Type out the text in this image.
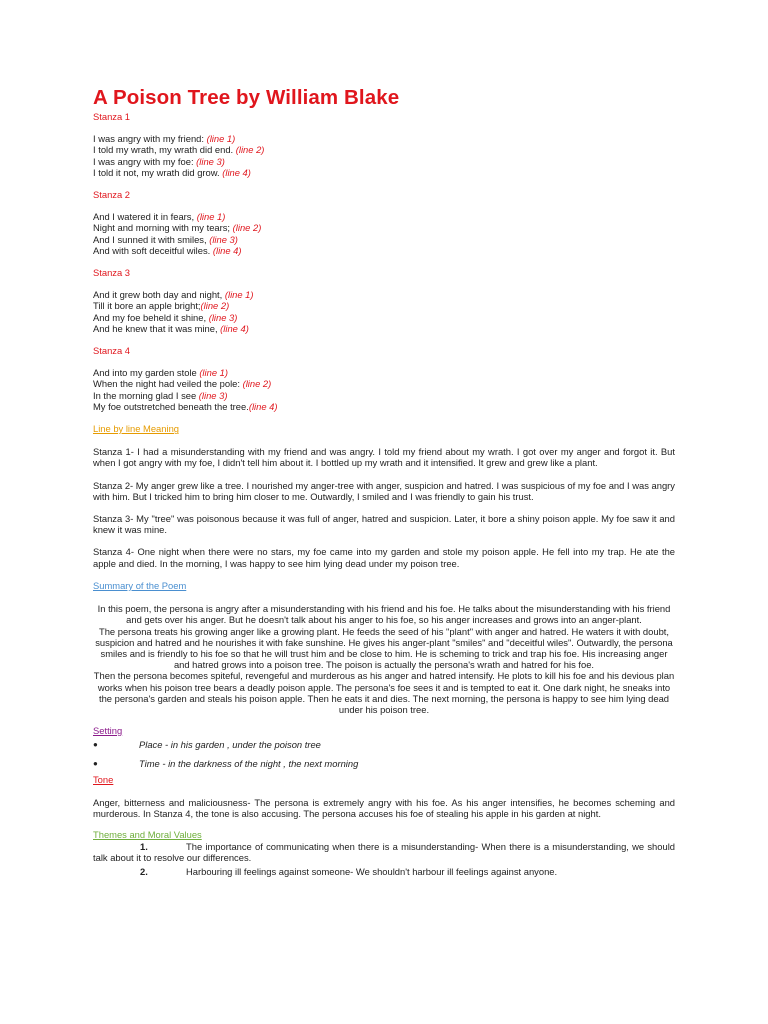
A Poison Tree by William Blake

Stanza 1

I was angry with my friend: (line 1)
I told my wrath, my wrath did end. (line 2)
I was angry with my foe: (line 3)
I told it not, my wrath did grow. (line 4)

Stanza 2

And I watered it in fears, (line 1)
Night and morning with my tears; (line 2)
And I sunned it with smiles, (line 3)
And with soft deceitful wiles. (line 4)

Stanza 3

And it grew both day and night, (line 1)
Till it bore an apple bright;(line 2)
And my foe beheld it shine, (line 3)
And he knew that it was mine, (line 4)

Stanza 4

And into my garden stole (line 1)
When the night had veiled the pole: (line 2)
In the morning glad I see (line 3)
My foe outstretched beneath the tree.(line 4)
Line by line Meaning

Stanza 1- I had a misunderstanding with my friend and was angry. I told my friend about my wrath. I got over my anger and forgot it. But when I got angry with my foe, I didn't tell him about it. I bottled up my wrath and it intensified. It grew and grew like a plant.

Stanza 2- My anger grew like a tree. I nourished my anger-tree with anger, suspicion and hatred. I was suspicious of my foe and I was angry with him. But I tricked him to bring him closer to me. Outwardly, I smiled and I was friendly to gain his trust.

Stanza 3- My "tree" was poisonous because it was full of anger, hatred and suspicion. Later, it bore a shiny poison apple. My foe saw it and knew it was mine.

Stanza 4- One night when there were no stars, my foe came into my garden and stole my poison apple. He fell into my trap. He ate the apple and died. In the morning, I was happy to see him lying dead under my poison tree.

Summary of the Poem

In this poem, the persona is angry after a misunderstanding with his friend and his foe. He talks about the misunderstanding with his friend and gets over his anger. But he doesn't talk about his anger to his foe, so his anger increases and grows into an anger-plant.

The persona treats his growing anger like a growing plant. He feeds the seed of his "plant" with anger and hatred. He waters it with doubt, suspicion and hatred and he nourishes it with fake sunshine. He gives his anger-plant "smiles" and "deceitful wiles". Outwardly, the persona smiles and is friendly to his foe so that he will trust him and be close to him. He is scheming to trick and trap his foe. His increasing anger and hatred grows into a poison tree. The poison is actually the persona's wrath and hatred for his foe.

Then the persona becomes spiteful, revengeful and murderous as his anger and hatred intensify. He plots to kill his foe and his devious plan works when his poison tree bears a deadly poison apple. The persona's foe sees it and is tempted to eat it. One dark night, he sneaks into the persona's garden and steals his poison apple. Then he eats it and dies. The next morning, the persona is happy to see him lying dead under his poison tree.

Setting
●	Place - in his garden , under the poison tree
●	Time - in the darkness of the night , the next morning
Tone

Anger, bitterness and maliciousness- The persona is extremely angry with his foe. As his anger intensifies, he becomes scheming and murderous. In Stanza 4, the tone is also accusing. The persona accuses his foe of stealing his apple in his garden at night.

Themes and Moral Values
1.	The importance of communicating when there is a misunderstanding- When there is a misunderstanding, we should talk about it to resolve our differences.

2.	Harbouring ill feelings against someone- We shouldn't harbour ill feelings against anyone.
